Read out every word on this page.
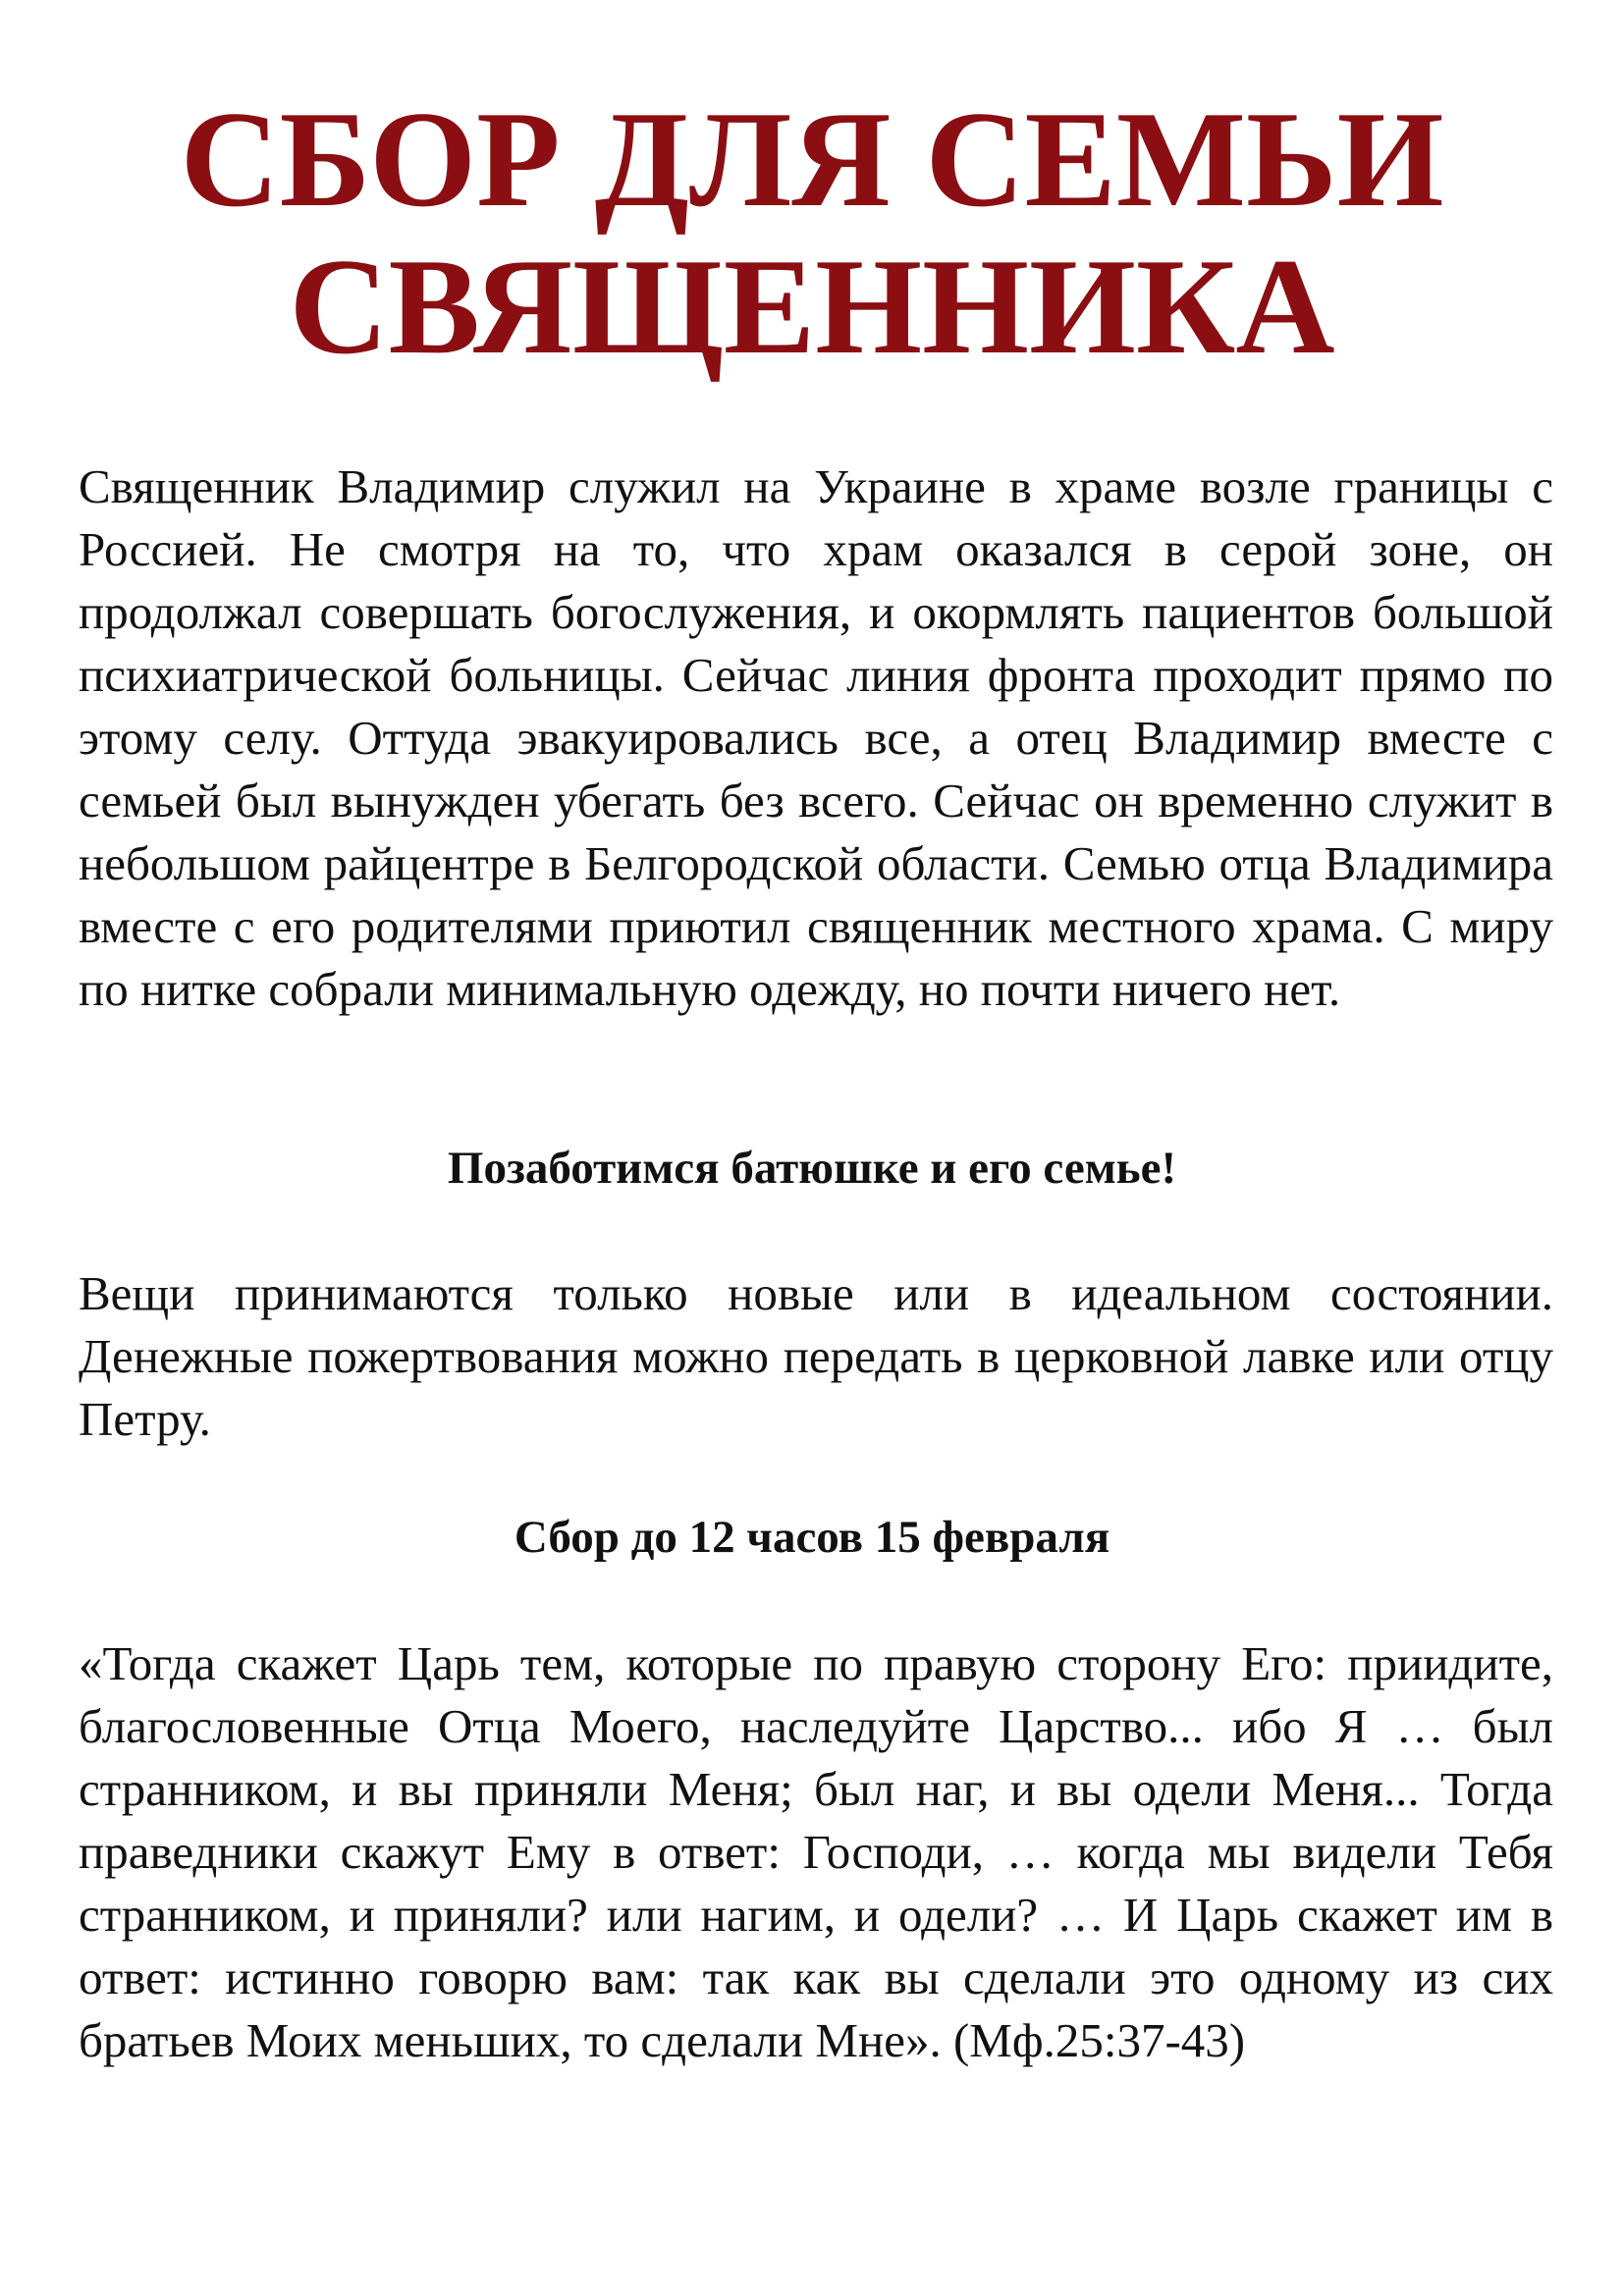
СБОР ДЛЯ СЕМЬИ
СВЯЩЕННИКА

Священник Владимир служил на Украине в храме возле границы с Россией. Не смотря на то, что храм оказался в серой зоне, он продолжал совершать богослужения, и окормлять пациентов большой психиатрической больницы. Сейчас линия фронта проходит прямо по этому селу. Оттуда эвакуировались все, а отец Владимир вместе с семьей был вынужден убегать без всего. Сейчас он временно служит в небольшом райцентре в Белгородской области. Семью отца Владимира вместе с его родителями приютил священник местного храма. С миру по нитке собрали минимальную одежду, но почти ничего нет.

Позаботимся батюшке и его семье!

Вещи принимаются только новые или в идеальном состоянии. Денежные пожертвования можно передать в церковной лавке или отцу Петру.

Сбор до 12 часов 15 февраля

«Тогда скажет Царь тем, которые по правую сторону Его: приидите, благословенные Отца Моего, наследуйте Царство... ибо Я … был странником, и вы приняли Меня; был наг, и вы одели Меня... Тогда праведники скажут Ему в ответ: Господи, … когда мы видели Тебя странником, и приняли? или нагим, и одели? … И Царь скажет им в ответ: истинно говорю вам: так как вы сделали это одному из сих братьев Моих меньших, то сделали Мне». (Мф.25:37-43)
